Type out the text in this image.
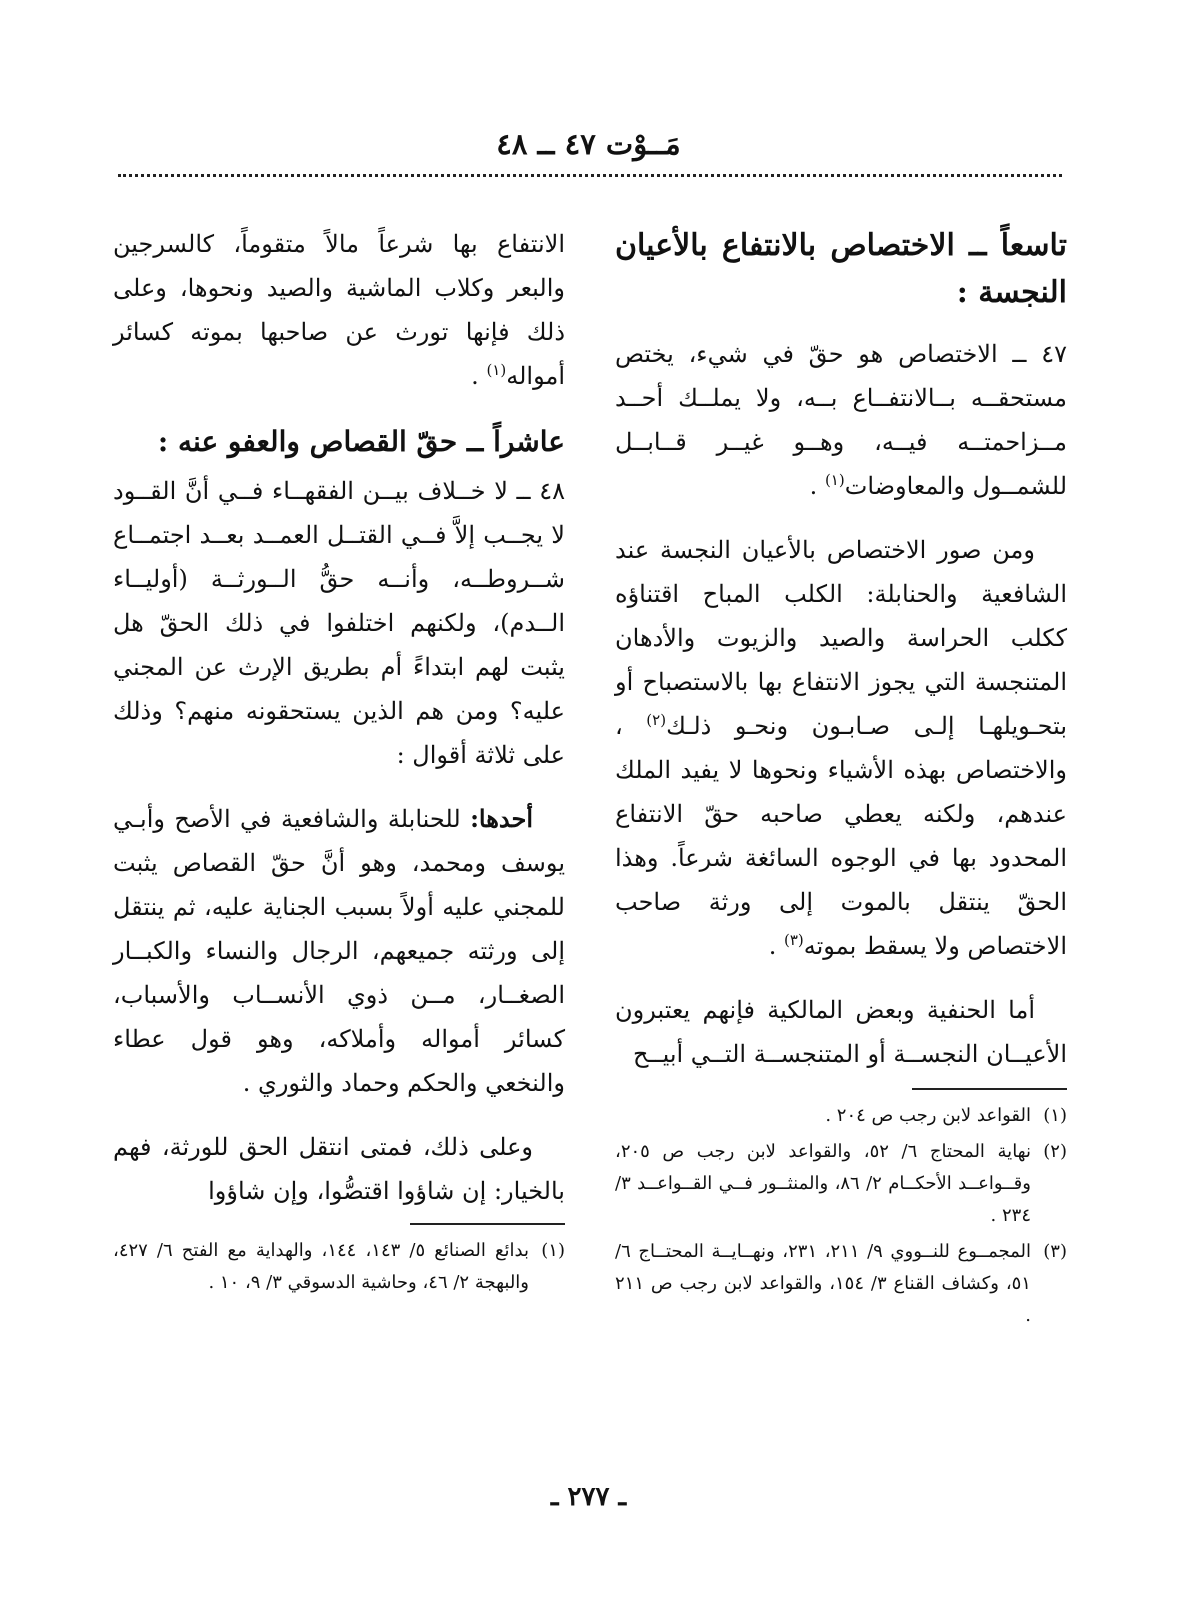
مَــوْت ٤٧ ــ ٤٨
تاسعاً ــ الاختصاص بالانتفاع بالأعيان النجسة :

٤٧ ــ الاختصاص هو حقّ في شيء، يختص مستحقــه بــالانتفــاع بــه، ولا يملــك أحــد مــزاحمتــه فيــه، وهــو غيــر قــابــل للشمــول والمعاوضات$^{(١)}$ .

ومن صور الاختصاص بالأعيان النجسة عند الشافعية والحنابلة: الكلب المباح اقتناؤه ككلب الحراسة والصيد والزيوت والأدهان المتنجسة التي يجوز الانتفاع بها بالاستصباح أو بتحـويلهـا إلـى صـابـون ونحـو ذلـك$^{(٢)}$ ، والاختصاص بهذه الأشياء ونحوها لا يفيد الملك عندهم، ولكنه يعطي صاحبه حقّ الانتفاع المحدود بها في الوجوه السائغة شرعاً. وهذا الحقّ ينتقل بالموت إلى ورثة صاحب الاختصاص ولا يسقط بموته$^{(٣)}$ .

أما الحنفية وبعض المالكية فإنهم يعتبرون الأعيــان النجســة أو المتنجســة التــي أبيــح

(١)
القواعد لابن رجب ص ٢٠٤ .
(٢)
نهاية المحتاج ٦/ ٥٢، والقواعد لابن رجب ص ٢٠٥، وقــواعــد الأحكــام ٢/ ٨٦، والمنثــور فــي القــواعــد ٣/ ٢٣٤ .
(٣)
المجمــوع للنــووي ٩/ ٢١١، ٢٣١، ونهــايــة المحتــاج ٦/ ٥١، وكشاف القناع ٣/ ١٥٤، والقواعد لابن رجب ص ٢١١ .

الانتفاع بها شرعاً مالاً متقوماً، كالسرجين والبعر وكلاب الماشية والصيد ونحوها، وعلى ذلك فإنها تورث عن صاحبها بموته كسائر أمواله$^{(١)}$ .

عاشراً ــ حقّ القصاص والعفو عنه :

٤٨ ــ لا خــلاف بيــن الفقهــاء فــي أنَّ القــود لا يجــب إلاَّ فــي القتــل العمــد بعــد اجتمــاع شــروطــه، وأنــه حقُّ الــورثــة (أوليــاء الــدم)، ولكنهم اختلفوا في ذلك الحقّ هل يثبت لهم ابتداءً أم بطريق الإرث عن المجني عليه؟ ومن هم الذين يستحقونه منهم؟ وذلك على ثلاثة أقوال :

أحدها: للحنابلة والشافعية في الأصح وأبـي يوسف ومحمد، وهو أنَّ حقّ القصاص يثبت للمجني عليه أولاً بسبب الجناية عليه، ثم ينتقل إلى ورثته جميعهم، الرجال والنساء والكبــار الصغــار، مــن ذوي الأنســاب والأسباب، كسائر أمواله وأملاكه، وهو قول عطاء والنخعي والحكم وحماد والثوري .

وعلى ذلك، فمتى انتقل الحق للورثة، فهم بالخيار: إن شاؤوا اقتصُّوا، وإن شاؤوا

(١)
بدائع الصنائع ٥/ ١٤٣، ١٤٤، والهداية مع الفتح ٦/ ٤٢٧، والبهجة ٢/ ٤٦، وحاشية الدسوقي ٣/ ٩، ١٠ .
ـ ٢٧٧ ـ
